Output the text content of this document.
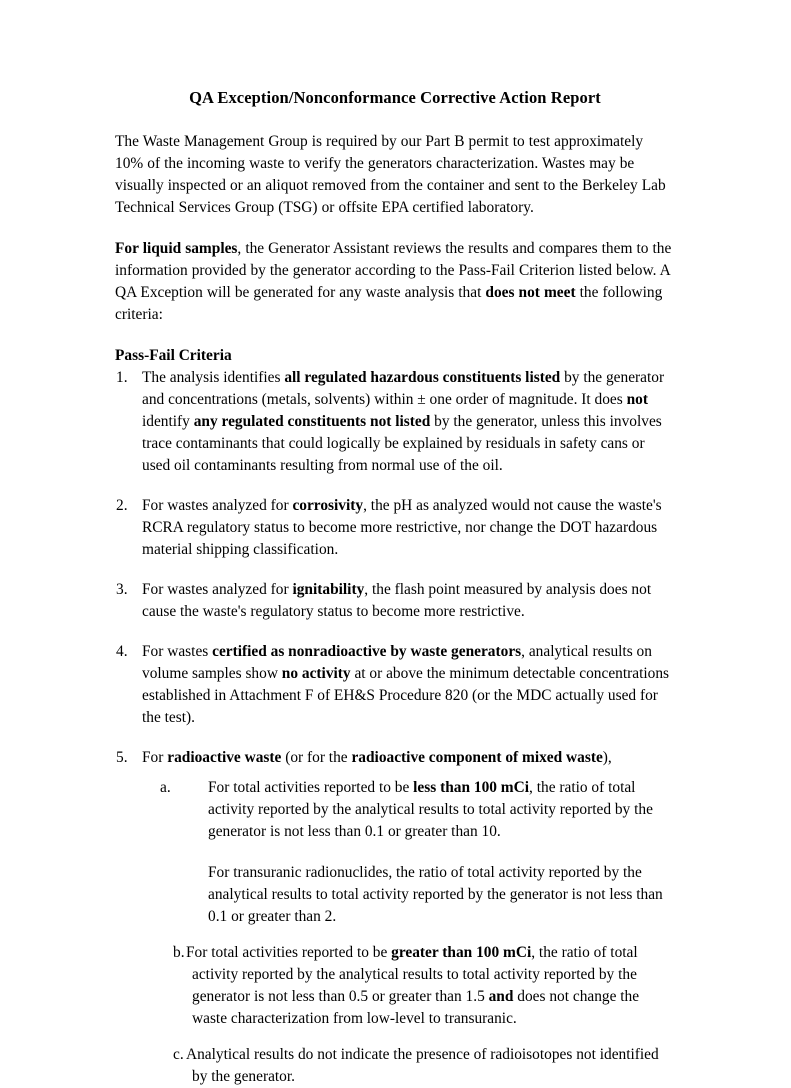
QA Exception/Nonconformance Corrective Action Report

The Waste Management Group is required by our Part B permit to test approximately 10% of the incoming waste to verify the generators characterization. Wastes may be visually inspected or an aliquot removed from the container and sent to the Berkeley Lab Technical Services Group (TSG) or offsite EPA certified laboratory.

For liquid samples, the Generator Assistant reviews the results and compares them to the information provided by the generator according to the Pass-Fail Criterion listed below. A QA Exception will be generated for any waste analysis that does not meet the following criteria:

Pass-Fail Criteria
1. The analysis identifies all regulated hazardous constituents listed by the generator and concentrations (metals, solvents) within ± one order of magnitude. It does not identify any regulated constituents not listed by the generator, unless this involves trace contaminants that could logically be explained by residuals in safety cans or used oil contaminants resulting from normal use of the oil.
2. For wastes analyzed for corrosivity, the pH as analyzed would not cause the waste's RCRA regulatory status to become more restrictive, nor change the DOT hazardous material shipping classification.
3. For wastes analyzed for ignitability, the flash point measured by analysis does not cause the waste's regulatory status to become more restrictive.
4. For wastes certified as nonradioactive by waste generators, analytical results on volume samples show no activity at or above the minimum detectable concentrations established in Attachment F of EH&S Procedure 820 (or the MDC actually used for the test).
5. For radioactive waste (or for the radioactive component of mixed waste),
a. For total activities reported to be less than 100 mCi, the ratio of total activity reported by the analytical results to total activity reported by the generator is not less than 0.1 or greater than 10.
For transuranic radionuclides, the ratio of total activity reported by the analytical results to total activity reported by the generator is not less than 0.1 or greater than 2.
b. For total activities reported to be greater than 100 mCi, the ratio of total activity reported by the analytical results to total activity reported by the generator is not less than 0.5 or greater than 1.5 and does not change the waste characterization from low-level to transuranic.
c. Analytical results do not indicate the presence of radioisotopes not identified by the generator.
